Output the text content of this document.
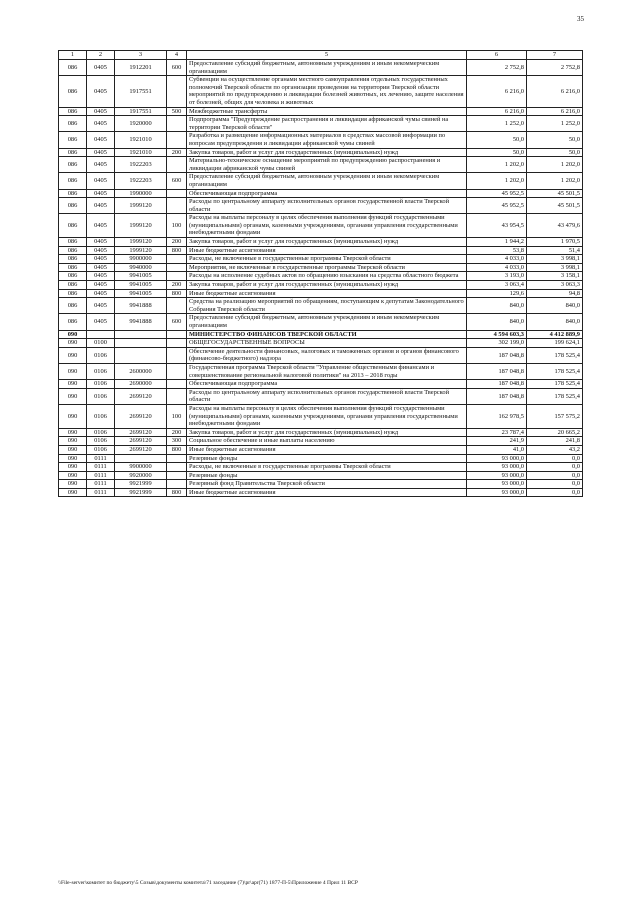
35
1	2	3	4	5	6	7
086	0405	1912201	600	Предоставление субсидий бюджетным, автономным учреждениям и иным некоммерческим организациям	2 752,8	2 752,8
086	0405	1917551		Субвенции на осуществление органами местного самоуправления отдельных государственных полномочий Тверской области по организации проведения на территории Тверской области мероприятий по предупреждению и ликвидации болезней животных, их лечению, защите населения от болезней, общих для человека и животных	6 216,0	6 216,0
086	0405	1917551	500	Межбюджетные трансферты	6 216,0	6 216,0
086	0405	1920000		Подпрограмма "Предупреждение распространения и ликвидация африканской чумы свиней на территории Тверской области"	1 252,0	1 252,0
086	0405	1921010		Разработка и размещение информационных материалов в средствах массовой информации по вопросам предупреждения и ликвидации африканской чумы свиней	50,0	50,0
086	0405	1921010	200	Закупка товаров, работ и услуг для государственных (муниципальных) нужд	50,0	50,0
086	0405	1922203		Материально-техническое оснащение мероприятий по предупреждению распространения и ликвидации африканской чумы свиней	1 202,0	1 202,0
086	0405	1922203	600	Предоставление субсидий бюджетным, автономным учреждениям и иным некоммерческим организациям	1 202,0	1 202,0
086	0405	1990000		Обеспечивающая подпрограмма	45 952,5	45 501,5
086	0405	1999120		Расходы по центральному аппарату исполнительных органов государственной власти Тверской области	45 952,5	45 501,5
086	0405	1999120	100	Расходы на выплаты персоналу в целях обеспечения выполнения функций государственными (муниципальными) органами, казенными учреждениями, органами управления государственными внебюджетными фондами	43 954,5	43 479,6
086	0405	1999120	200	Закупка товаров, работ и услуг для государственных (муниципальных) нужд	1 944,2	1 970,5
086	0405	1999120	800	Иные бюджетные ассигнования	53,8	51,4
086	0405	9900000		Расходы, не включенные в государственные программы Тверской области	4 033,0	3 998,1
086	0405	9940000		Мероприятия, не включенные в государственные программы Тверской области	4 033,0	3 998,1
086	0405	9941005		Расходы на исполнение судебных актов по обращению взыскания на средства областного бюджета	3 193,0	3 158,1
086	0405	9941005	200	Закупка товаров, работ и услуг для государственных (муниципальных) нужд	3 063,4	3 063,3
086	0405	9941005	800	Иные бюджетные ассигнования	129,6	94,8
086	0405	9941888		Средства на реализацию мероприятий по обращениям, поступающим к депутатам Законодательного Собрания Тверской области	840,0	840,0
086	0405	9941888	600	Предоставление субсидий бюджетным, автономным учреждениям и иным некоммерческим организациям	840,0	840,0
090				МИНИСТЕРСТВО ФИНАНСОВ ТВЕРСКОЙ ОБЛАСТИ	4 594 603,3	4 412 889,9
090	0100			ОБЩЕГОСУДАРСТВЕННЫЕ ВОПРОСЫ	302 199,0	199 624,1
090	0106			Обеспечение деятельности финансовых, налоговых и таможенных органов и органов финансового (финансово-бюджетного) надзора	187 048,8	178 525,4
090	0106	2600000		Государственная программа Тверской области "Управление общественными финансами и совершенствование региональной налоговой политики" на 2013 – 2018 годы	187 048,8	178 525,4
090	0106	2690000		Обеспечивающая подпрограмма	187 048,8	178 525,4
090	0106	2699120		Расходы по центральному аппарату исполнительных органов государственной власти Тверской области	187 048,8	178 525,4
090	0106	2699120	100	Расходы на выплаты персоналу в целях обеспечения выполнения функций государственными (муниципальными) органами, казенными учреждениями, органами управления государственными внебюджетными фондами	162 978,5	157 575,2
090	0106	2699120	200	Закупка товаров, работ и услуг для государственных (муниципальных) нужд	23 787,4	20 665,2
090	0106	2699120	300	Социальное обеспечение и иные выплаты населению	241,9	241,8
090	0106	2699120	800	Иные бюджетные ассигнования	41,0	43,2
090	0111			Резервные фонды	93 000,0	0,0
090	0111	9900000		Расходы, не включенные в государственные программы Тверской области	93 000,0	0,0
090	0111	9920000		Резервные фонды	93 000,0	0,0
090	0111	9921999		Резервный фонд Правительства Тверской области	93 000,0	0,0
090	0111	9921999	800	Иные бюджетные ассигнования	93 000,0	0,0
\\File-server\комитет по бюджету\5 Созыв\документы комитета\71 заседание (7)\pr\apr(71) 1877-П-5\Приложение 4 Прил 11 ВСР
